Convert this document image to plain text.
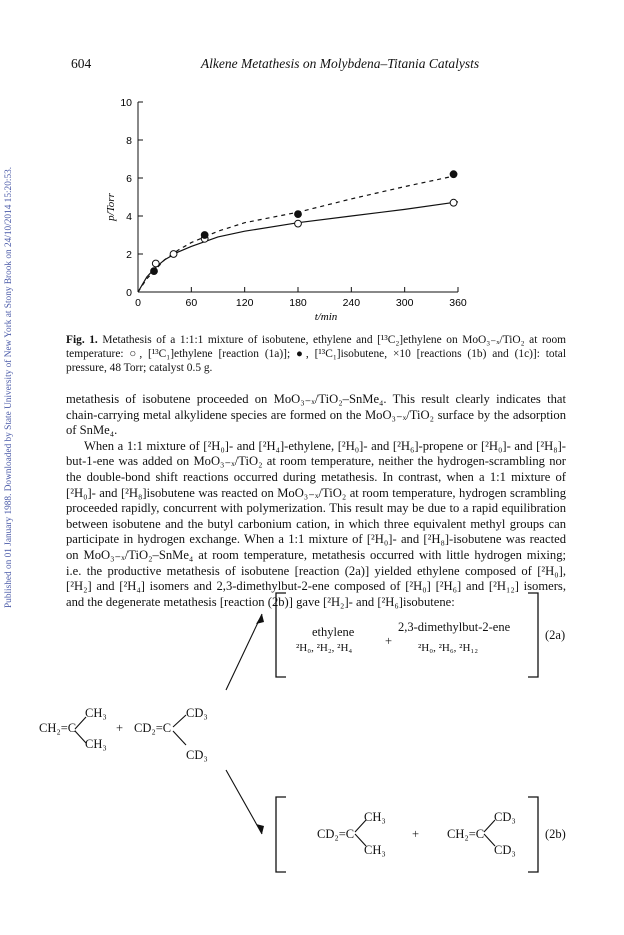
Published on 01 January 1988. Downloaded by State University of New York at Stony Brook on 24/10/2014 15:20:53.
604	Alkene Metathesis on Molybdena–Titania Catalysts
0	60	120	180	240	300	360
0
2
4
6
8
10
t/min
p/Torr
Fig. 1. Metathesis of a 1:1:1 mixture of isobutene, ethylene and [¹³C₂]ethylene on MoO₃₋ₓ/TiO₂ at room temperature: ○, [¹³C₁]ethylene [reaction (1a)]; ●, [¹³C₁]isobutene, ×10 [reactions (1b) and (1c)]: total pressure, 48 Torr; catalyst 0.5 g.

metathesis of isobutene proceeded on MoO₃₋ₓ/TiO₂–SnMe₄. This result clearly indicates that chain-carrying metal alkylidene species are formed on the MoO₃₋ₓ/TiO₂ surface by the adsorption of SnMe₄.

When a 1:1 mixture of [²H₀]- and [²H₄]-ethylene, [²H₀]- and [²H₆]-propene or [²H₀]- and [²H₈]-but-1-ene was added on MoO₃₋ₓ/TiO₂ at room temperature, neither the hydrogen-scrambling nor the double-bond shift reactions occurred during metathesis. In contrast, when a 1:1 mixture of [²H₀]- and [²H₈]isobutene was reacted on MoO₃₋ₓ/TiO₂ at room temperature, hydrogen scrambling proceeded rapidly, concurrent with polymerization. This result may be due to a rapid equilibration between isobutene and the butyl carbonium cation, in which three equivalent methyl groups can participate in hydrogen exchange. When a 1:1 mixture of [²H₀]- and [²H₈]-isobutene was reacted on MoO₃₋ₓ/TiO₂–SnMe₄ at room temperature, metathesis occurred with little hydrogen mixing; i.e. the productive metathesis of isobutene [reaction (2a)] yielded ethylene composed of [²H₀], [²H₂] and [²H₄] isomers and 2,3-dimethylbut-2-ene composed of [²H₀] [²H₆] and [²H₁₂] isomers, and the degenerate metathesis [reaction (2b)] gave [²H₂]- and [²H₆]isobutene:

CH₃
CH₂=C
CH₃
+
CD₃
CD₂=C
CD₃
ethylene
²H₀, ²H₂, ²H₄	+
2,3-dimethylbut-2-ene
²H₀, ²H₆, ²H₁₂
(2a)
CH₃
CD₂=C
CH₃
+
CD₃
CH₂=C
CD₃
(2b)
